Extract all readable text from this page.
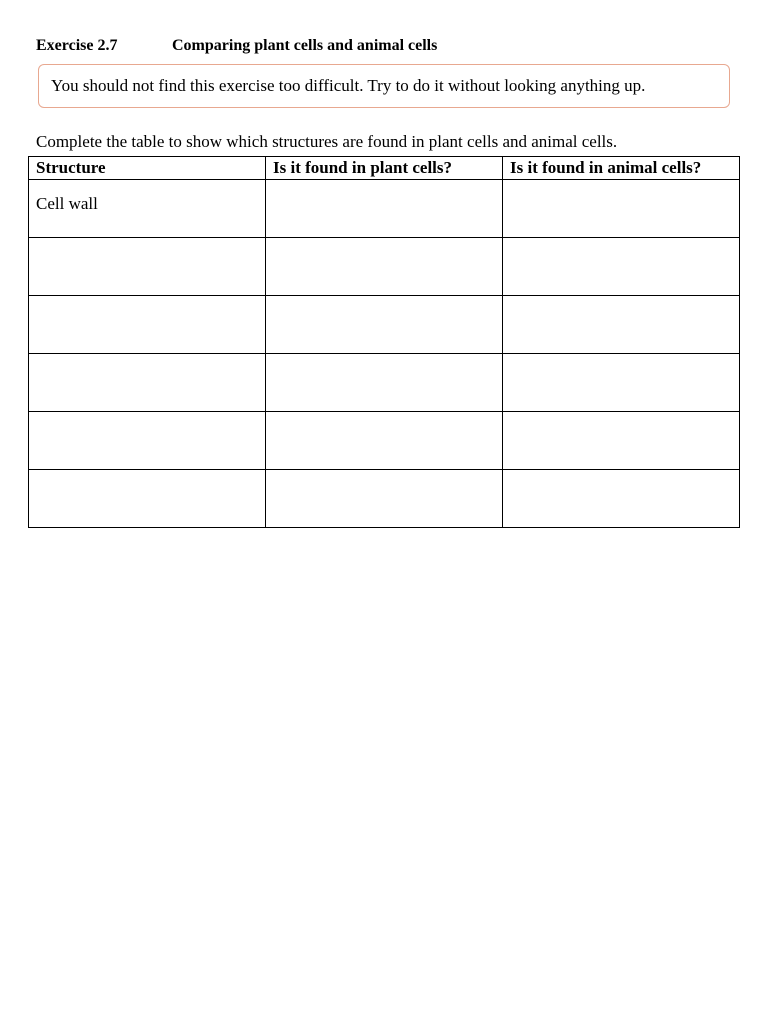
Exercise 2.7	Comparing plant cells and animal cells
You should not find this exercise too difficult. Try to do it without looking anything up.
Complete the table to show which structures are found in plant cells and animal cells.
Structure	Is it found in plant cells?	Is it found in animal cells?

Cell wall		
